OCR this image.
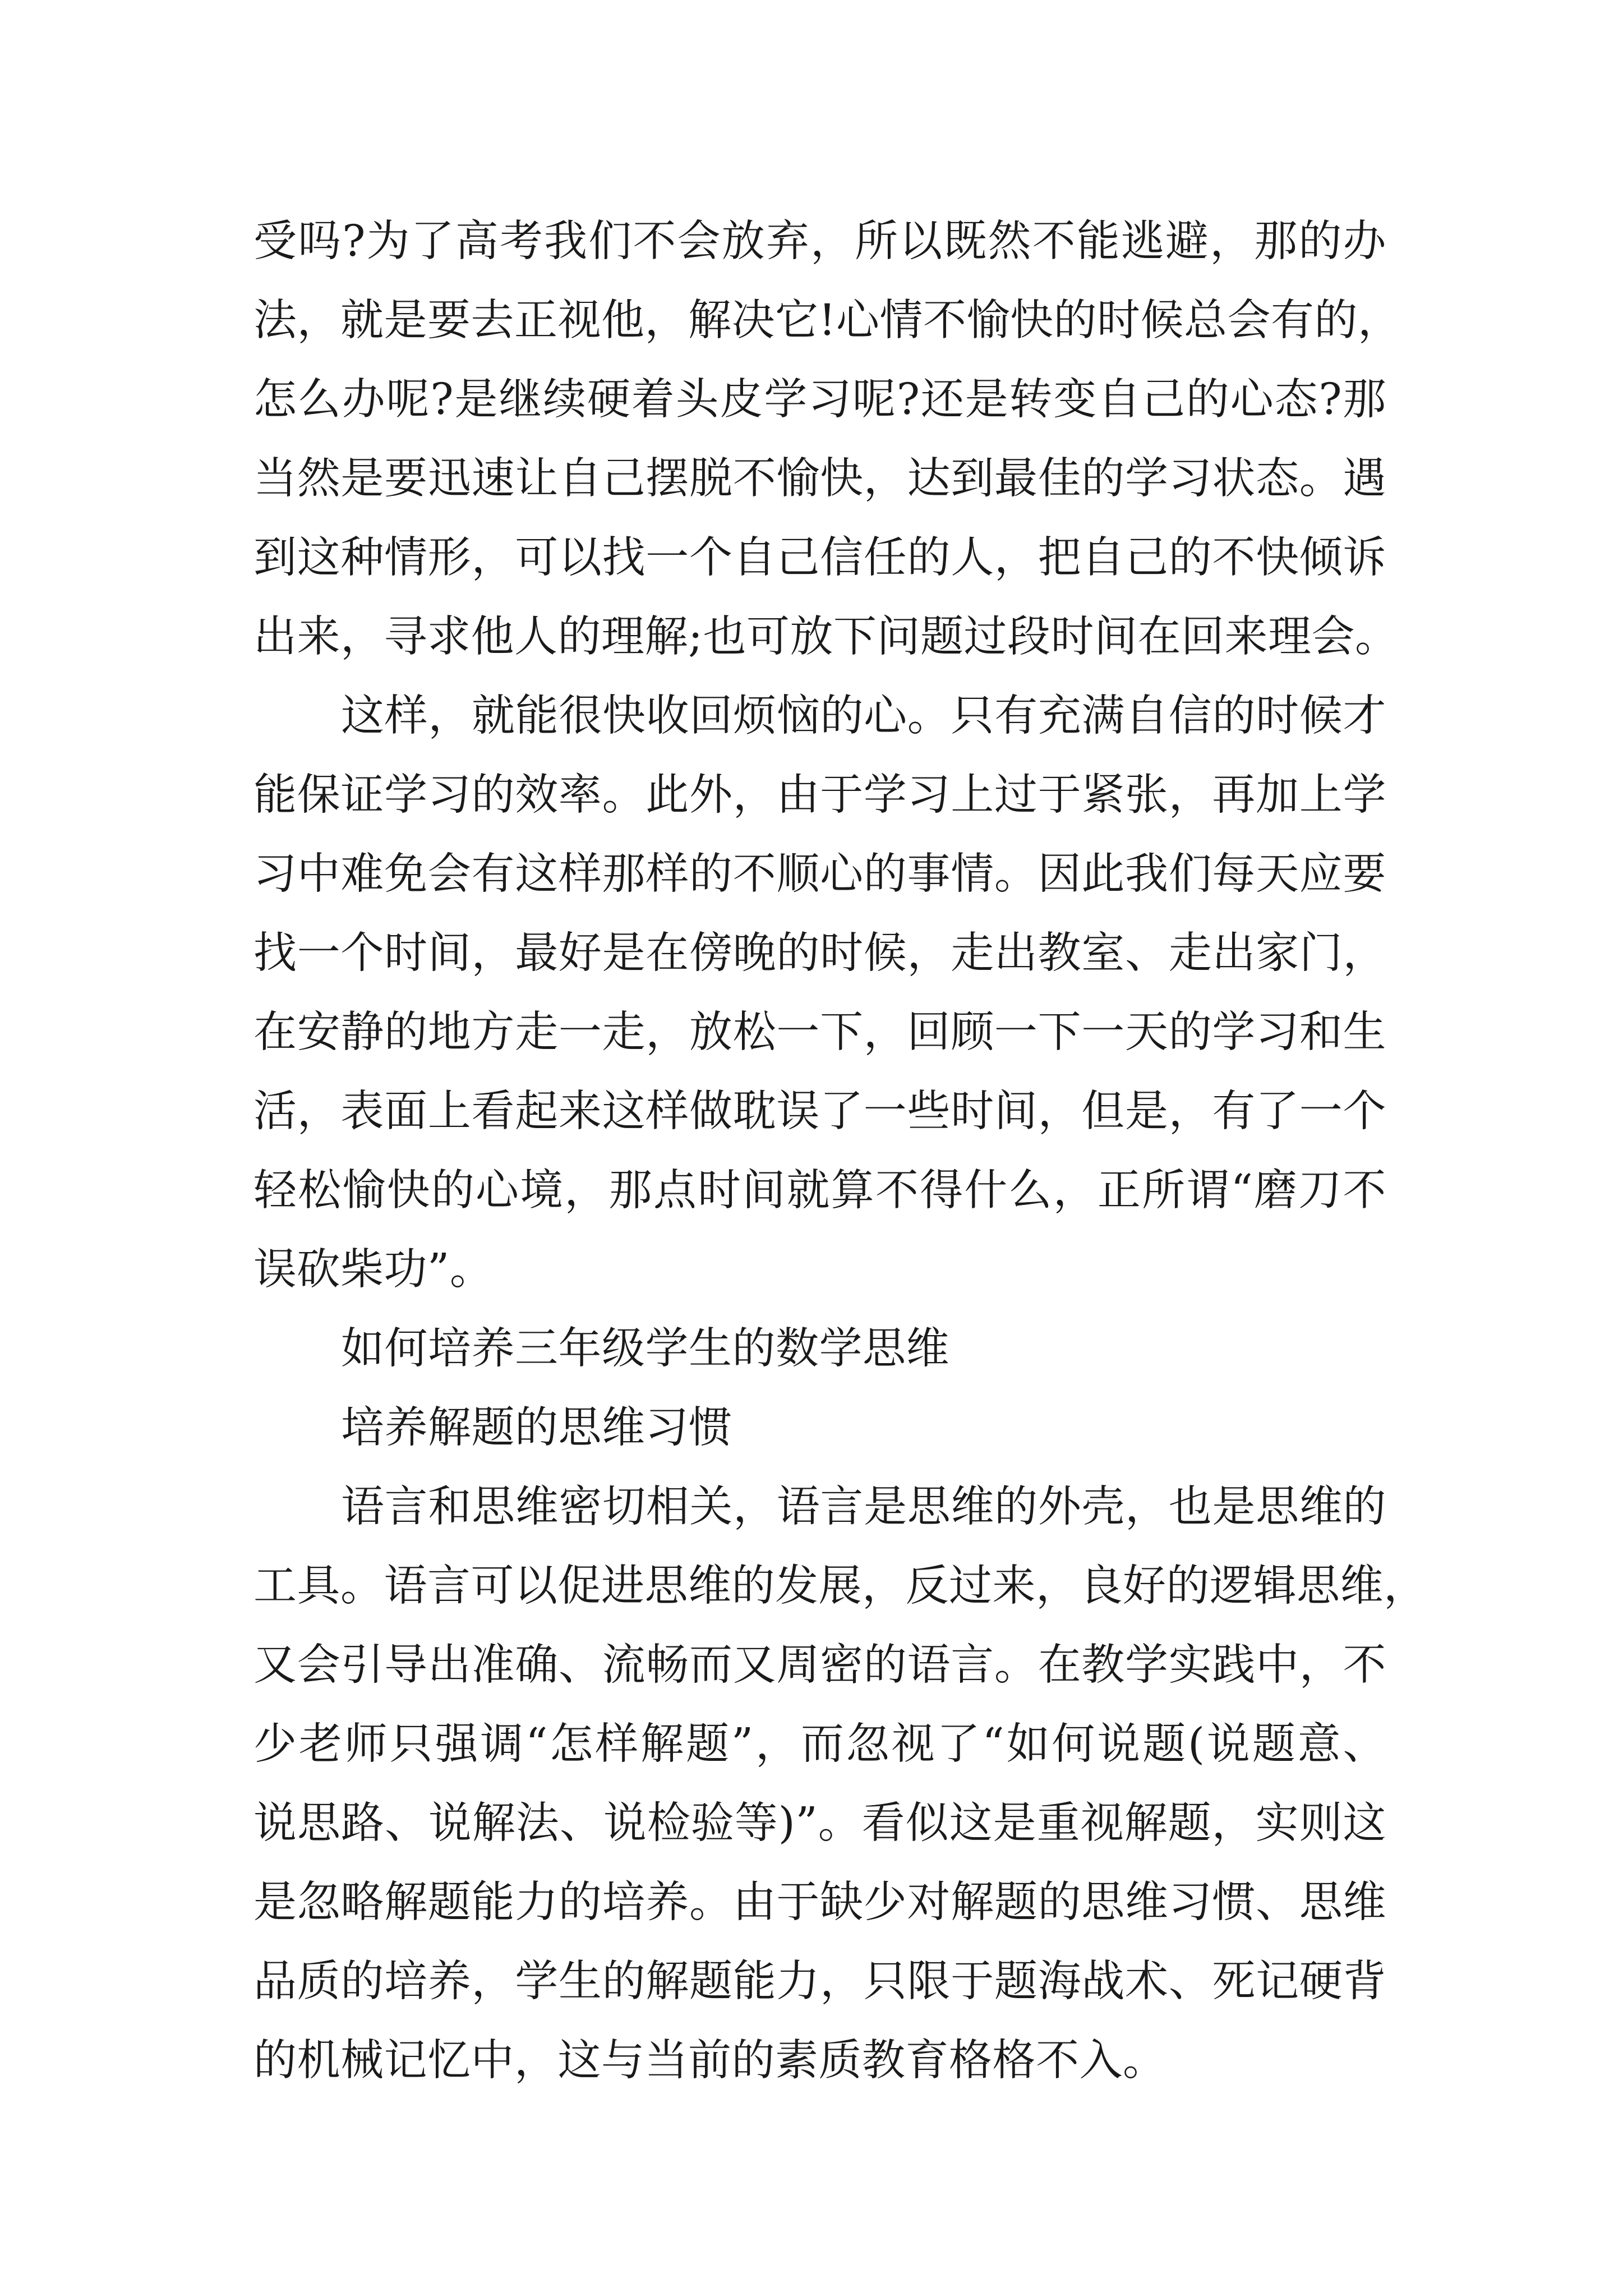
受吗?为了高考我们不会放弃，所以既然不能逃避，那的办
法，就是要去正视他，解决它!心情不愉快的时候总会有的，
怎么办呢?是继续硬着头皮学习呢?还是转变自己的心态?那
当然是要迅速让自己摆脱不愉快，达到最佳的学习状态。遇
到这种情形，可以找一个自己信任的人，把自己的不快倾诉
出来，寻求他人的理解;也可放下问题过段时间在回来理会。
这样，就能很快收回烦恼的心。只有充满自信的时候才
能保证学习的效率。此外，由于学习上过于紧张，再加上学
习中难免会有这样那样的不顺心的事情。因此我们每天应要
找一个时间，最好是在傍晚的时候，走出教室、走出家门，
在安静的地方走一走，放松一下，回顾一下一天的学习和生
活，表面上看起来这样做耽误了一些时间，但是，有了一个
轻松愉快的心境，那点时间就算不得什么，正所谓“磨刀不
误砍柴功”。
如何培养三年级学生的数学思维
培养解题的思维习惯
语言和思维密切相关，语言是思维的外壳，也是思维的
工具。语言可以促进思维的发展，反过来，良好的逻辑思维，
又会引导出准确、流畅而又周密的语言。在教学实践中，不
少老师只强调“怎样解题”，而忽视了“如何说题(说题意、
说思路、说解法、说检验等)”。看似这是重视解题，实则这
是忽略解题能力的培养。由于缺少对解题的思维习惯、思维
品质的培养，学生的解题能力，只限于题海战术、死记硬背
的机械记忆中，这与当前的素质教育格格不入。
